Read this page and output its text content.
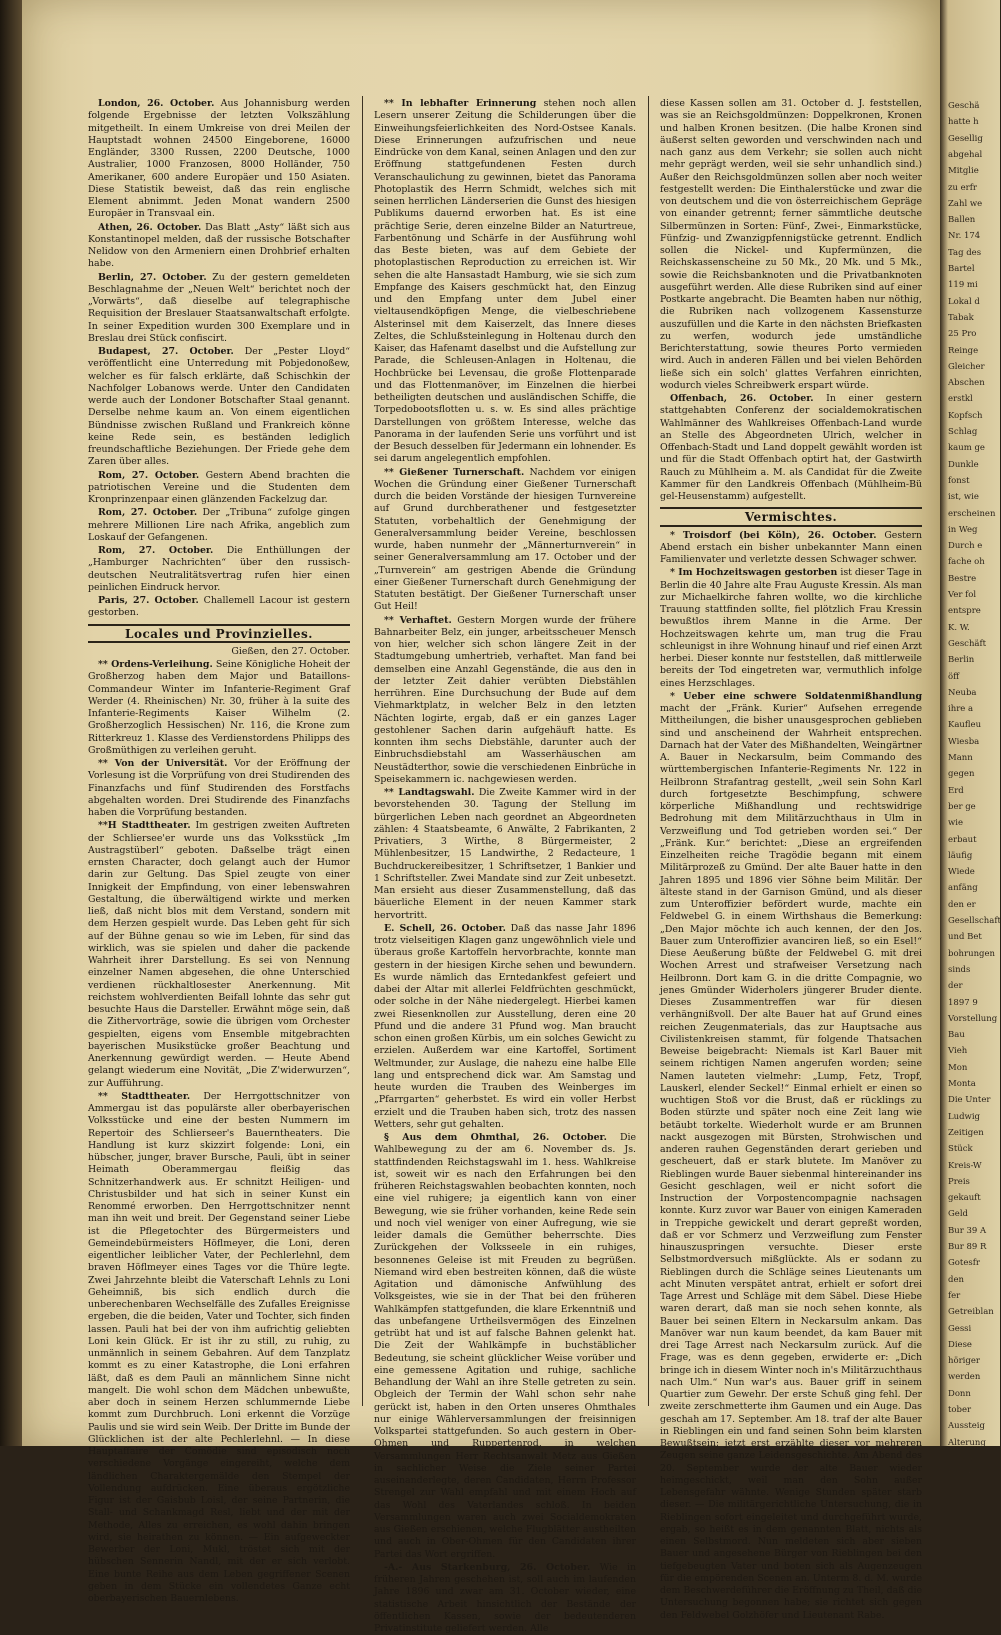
London, 26. October. Aus Johannisburg werden folgende Ergebnisse der letzten Volkszählung mitgetheilt. In einem Umkreise von drei Meilen der Hauptstadt wohnen 24500 Eingeborene, 16000 Engländer, 3300 Russen, 2200 Deutsche, 1000 Australier, 1000 Franzosen, 8000 Holländer, 750 Amerikaner, 600 andere Europäer und 150 Asiaten. Diese Statistik beweist, daß das rein englische Element abnimmt. Jeden Monat wandern 2500 Europäer in Transvaal ein.

Athen, 26. October. Das Blatt „Asty“ läßt sich aus Konstantinopel melden, daß der russische Botschafter Nelidow von den Armeniern einen Drohbrief erhalten habe.

Berlin, 27. October. Zu der gestern gemeldeten Beschlagnahme der „Neuen Welt“ berichtet noch der „Vorwärts“, daß dieselbe auf telegraphische Requisition der Breslauer Staatsanwaltschaft erfolgte. In seiner Expedition wurden 300 Exemplare und in Breslau drei Stück confiscirt.

Budapest, 27. October. Der „Pester Lloyd“ veröffentlicht eine Unterredung mit Pobjedonoßew, welcher es für falsch erklärte, daß Schischkin der Nachfolger Lobanows werde. Unter den Candidaten werde auch der Londoner Botschafter Staal genannt. Derselbe nehme kaum an. Von einem eigentlichen Bündnisse zwischen Rußland und Frankreich könne keine Rede sein, es beständen lediglich freundschaftliche Beziehungen. Der Friede gehe dem Zaren über alles.

Rom, 27. October. Gestern Abend brachten die patriotischen Vereine und die Studenten dem Kronprinzenpaar einen glänzenden Fackelzug dar.

Rom, 27. October. Der „Tribuna“ zufolge gingen mehrere Millionen Lire nach Afrika, angeblich zum Loskauf der Gefangenen.

Rom, 27. October. Die Enthüllungen der „Hamburger Nachrichten“ über den russisch-deutschen Neutralitätsvertrag rufen hier einen peinlichen Eindruck hervor.

Paris, 27. October. Challemell Lacour ist gestern gestorben.

Locales und Provinzielles.
Gießen, den 27. October.

** Ordens-Verleihung. Seine Königliche Hoheit der Großherzog haben dem Major und Bataillons-Commandeur Winter im Infanterie-Regiment Graf Werder (4. Rheinischen) Nr. 30, früher à la suite des Infanterie-Regiments Kaiser Wilhelm (2. Großherzoglich Hessischen) Nr. 116, die Krone zum Ritterkreuz 1. Klasse des Verdienstordens Philipps des Großmüthigen zu verleihen geruht.

** Von der Universität. Vor der Eröffnung der Vorlesung ist die Vorprüfung von drei Studirenden des Finanzfachs und fünf Studirenden des Forstfachs abgehalten worden. Drei Studirende des Finanzfachs haben die Vorprüfung bestanden.

**H Stadttheater. Im gestrigen zweiten Auftreten der Schliersee'er wurde uns das Volksstück „Im Austragstüberl“ geboten. Daßselbe trägt einen ernsten Character, doch gelangt auch der Humor darin zur Geltung. Das Spiel zeugte von einer Innigkeit der Empfindung, von einer lebenswahren Gestaltung, die überwältigend wirkte und merken ließ, daß nicht blos mit dem Verstand, sondern mit dem Herzen gespielt wurde. Das Leben geht für sich auf der Bühne genau so wie im Leben, für sind das wirklich, was sie spielen und daher die packende Wahrheit ihrer Darstellung. Es sei von Nennung einzelner Namen abgesehen, die ohne Unterschied verdienen rückhaltlosester Anerkennung. Mit reichstem wohlverdienten Beifall lohnte das sehr gut besuchte Haus die Darsteller. Erwähnt möge sein, daß die Zithervorträge, sowie die übrigen vom Orchester gespielten, eigens vom Ensemble mitgebrachten bayerischen Musikstücke großer Beachtung und Anerkennung gewürdigt werden. — Heute Abend gelangt wiederum eine Novität, „Die Z'widerwurzen“, zur Aufführung.

** Stadttheater. Der Herrgottschnitzer von Ammergau ist das populärste aller oberbayerischen Volksstücke und eine der besten Nummern im Repertoir des Schlierseer's Bauerntheaters. Die Handlung ist kurz skizzirt folgende: Loni, ein hübscher, junger, braver Bursche, Pauli, übt in seiner Heimath Oberammergau fleißig das Schnitzerhandwerk aus. Er schnitzt Heiligen- und Christusbilder und hat sich in seiner Kunst ein Renommé erworben. Den Herrgottschnitzer nennt man ihn weit und breit. Der Gegenstand seiner Liebe ist die Pflegetochter des Bürgermeisters und Gemeindebürmeisters Höflmeyer, die Loni, deren eigentlicher leiblicher Vater, der Pechlerlehnl, dem braven Höflmeyer eines Tages vor die Thüre legte. Zwei Jahrzehnte bleibt die Vaterschaft Lehnls zu Loni Geheimniß, bis sich endlich durch die unberechenbaren Wechselfälle des Zufalles Ereignisse ergeben, die die beiden, Vater und Tochter, sich finden lassen. Pauli hat bei der von ihm aufrichtig geliebten Loni kein Glück. Er ist ihr zu still, zu ruhig, zu unmännlich in seinem Gebahren. Auf dem Tanzplatz kommt es zu einer Katastrophe, die Loni erfahren läßt, daß es dem Pauli an männlichem Sinne nicht mangelt. Die wohl schon dem Mädchen unbewußte, aber doch in seinem Herzen schlummernde Liebe kommt zum Durchbruch. Loni erkennt die Vorzüge Paulis und sie wird sein Weib. Der Dritte im Bunde der Glücklichen ist der alte Pechlerlehnl. — In diese Hauptaffaire der Comödie sind episodisch noch verschiedene Vorgänge eingereiht, welche dem ländlichen Charaktergemälde den Stempel der Vollendung aufdrücken. Eine überaus ergötzliche Figur ist der Gaisbub Loisl, der seine Partnerin, die Stall- und Schankmagd Resl, liebt und der mit der Methode, Alles zu erreichen, es wohl dahin bringen wird, sie heirathen zu können. — Ein aufgeweckter Bewerber der Loni, Mukl, tröstet sich mit der hübschen Sennerin Nandl, mit der er sich verlobt. Eine bunte Reihe aus dem Leben gegriffener Scenen geben in dem Stücke ein vollendetes Ganze echt oberbayerischen Bauernlebens.

** In lebhafter Erinnerung stehen noch allen Lesern unserer Zeitung die Schilderungen über die Einweihungsfeierlichkeiten des Nord-Ostsee Kanals. Diese Erinnerungen aufzufrischen und neue Eindrücke von dem Kanal, seinen Anlagen und den zur Eröffnung stattgefundenen Festen durch Veranschaulichung zu gewinnen, bietet das Panorama Photoplastik des Herrn Schmidt, welches sich mit seinen herrlichen Länderserien die Gunst des hiesigen Publikums dauernd erworben hat. Es ist eine prächtige Serie, deren einzelne Bilder an Naturtreue, Farbentönung und Schärfe in der Ausführung wohl das Beste bieten, was auf dem Gebiete der photoplastischen Reproduction zu erreichen ist. Wir sehen die alte Hansastadt Hamburg, wie sie sich zum Empfange des Kaisers geschmückt hat, den Einzug und den Empfang unter dem Jubel einer vieltausendköpfigen Menge, die vielbeschriebene Alsterinsel mit dem Kaiserzelt, das Innere dieses Zeltes, die Schlußsteinlegung in Holtenau durch den Kaiser, das Hafenamt daselbst und die Aufstellung zur Parade, die Schleusen-Anlagen in Holtenau, die Hochbrücke bei Levensau, die große Flottenparade und das Flottenmanöver, im Einzelnen die hierbei betheiligten deutschen und ausländischen Schiffe, die Torpedobootsflotten u. s. w. Es sind alles prächtige Darstellungen von größtem Interesse, welche das Panorama in der laufenden Serie uns vorführt und ist der Besuch desselben für Jedermann ein lohnender. Es sei darum angelegentlich empfohlen.

** Gießener Turnerschaft. Nachdem vor einigen Wochen die Gründung einer Gießener Turnerschaft durch die beiden Vorstände der hiesigen Turnvereine auf Grund durchberathener und festgesetzter Statuten, vorbehaltlich der Genehmigung der Generalversammlung beider Vereine, beschlossen wurde, haben nunmehr der „Männerturnverein“ in seiner Generalversammlung am 17. October und der „Turnverein“ am gestrigen Abende die Gründung einer Gießener Turnerschaft durch Genehmigung der Statuten bestätigt. Der Gießener Turnerschaft unser Gut Heil!

** Verhaftet. Gestern Morgen wurde der frühere Bahnarbeiter Belz, ein junger, arbeitsscheuer Mensch von hier, welcher sich schon längere Zeit in der Stadtumgebung umhertrieb, verhaftet. Man fand bei demselben eine Anzahl Gegenstände, die aus den in der letzter Zeit dahier verübten Diebstählen herrühren. Eine Durchsuchung der Bude auf dem Viehmarktplatz, in welcher Belz in den letzten Nächten logirte, ergab, daß er ein ganzes Lager gestohlener Sachen darin aufgehäuft hatte. Es konnten ihm sechs Diebstähle, darunter auch der Einbruchsdiebstahl am Wasserhäuschen am Neustädterthor, sowie die verschiedenen Einbrüche in Speisekammern ic. nachgewiesen werden.

** Landtagswahl. Die Zweite Kammer wird in der bevorstehenden 30. Tagung der Stellung im bürgerlichen Leben nach geordnet an Abgeordneten zählen: 4 Staatsbeamte, 6 Anwälte, 2 Fabrikanten, 2 Privatiers, 3 Wirthe, 8 Bürgermeister, 2 Mühlenbesitzer, 15 Landwirthe, 2 Redacteure, 1 Buchdruckereibesitzer, 1 Schriftsetzer, 1 Bankier und 1 Schriftsteller. Zwei Mandate sind zur Zeit unbesetzt. Man ersieht aus dieser Zusammenstellung, daß das bäuerliche Element in der neuen Kammer stark hervortritt.

E. Schell, 26. October. Daß das nasse Jahr 1896 trotz vielseitigen Klagen ganz ungewöhnlich viele und überaus große Kartoffeln hervorbrachte, konnte man gestern in der hiesigen Kirche sehen und bewundern. Es wurde nämlich das Erntedankfest gefeiert und dabei der Altar mit allerlei Feldfrüchten geschmückt, oder solche in der Nähe niedergelegt. Hierbei kamen zwei Riesenknollen zur Ausstellung, deren eine 20 Pfund und die andere 31 Pfund wog. Man braucht schon einen großen Kürbis, um ein solches Gewicht zu erzielen. Außerdem war eine Kartoffel, Sortiment Weltmunder, zur Auslage, die nahezu eine halbe Elle lang und entsprechend dick war. Am Samstag und heute wurden die Trauben des Weinberges im „Pfarrgarten“ geherbstet. Es wird ein voller Herbst erzielt und die Trauben haben sich, trotz des nassen Wetters, sehr gut gehalten.

§ Aus dem Ohmthal, 26. October. Die Wahlbewegung zu der am 6. November ds. Js. stattfindenden Reichstagswahl im 1. hess. Wahlkreise ist, soweit wir es nach den Erfahrungen bei den früheren Reichstagswahlen beobachten konnten, noch eine viel ruhigere; ja eigentlich kann von einer Bewegung, wie sie früher vorhanden, keine Rede sein und noch viel weniger von einer Aufregung, wie sie leider damals die Gemüther beherrschte. Dies Zurückgehen der Volksseele in ein ruhiges, besonnenes Geleise ist mit Freuden zu begrüßen. Niemand wird eben bestreiten können, daß die wüste Agitation und dämonische Anfwühlung des Volksgeistes, wie sie in der That bei den früheren Wahlkämpfen stattgefunden, die klare Erkenntniß und das unbefangene Urtheilsvermögen des Einzelnen getrübt hat und ist auf falsche Bahnen gelenkt hat. Die Zeit der Wahlkämpfe in buchstäblicher Bedeutung, sie scheint glücklicher Weise vorüber und eine gemessene Agitation und ruhige, sachliche Behandlung der Wahl an ihre Stelle getreten zu sein. Obgleich der Termin der Wahl schon sehr nahe gerückt ist, haben in den Orten unseres Ohmthales nur einige Wählerversammlungen der freisinnigen Volkspartei stattgefunden. So auch gestern in Ober-Ohmen und Ruppertenrod, in welchen Versammlungen Herr Rechtsanwalt Metz aus Gießen in sachlicher Weise die Ziele seiner Partei auseinanderlegte, deren Candidaten, Herrn Professor Strengel zur Wahl empfahl und mit einem Hoch auf das Wohl des Vaterlandes schloß. In beiden Versammlungen waren auch zwei Socialdemokraten aus Gießen erschienen, welche Flugblätter austheilten und auch in Ober-Ohmen für den Candidaten ihrer Partei das Wort ergriffen.

-A.- Aus Starkenburg, 26. October. Wie in früheren Jahren geschehen ist, soll auch im laufenden Jahre 1896 und zwar am 31. October wieder, eine statistische Arbeit hinsichtlich der Bestände der öffentlichen Kassen, sowie der bedeutenderen Privatinstitute geliefert werden. Alle

diese Kassen sollen am 31. October d. J. feststellen, was sie an Reichsgoldmünzen: Doppelkronen, Kronen und halben Kronen besitzen. (Die halbe Kronen sind äußerst selten geworden und verschwinden nach und nach ganz aus dem Verkehr; sie sollen auch nicht mehr geprägt werden, weil sie sehr unhandlich sind.) Außer den Reichsgoldmünzen sollen aber noch weiter festgestellt werden: Die Einthalerstücke und zwar die von deutschem und die von österreichischem Gepräge von einander getrennt; ferner sämmtliche deutsche Silbermünzen in Sorten: Fünf-, Zwei-, Einmarkstücke, Fünfzig- und Zwanzigpfennigstücke getrennt. Endlich sollen die Nickel- und Kupfermünzen, die Reichskassenscheine zu 50 Mk., 20 Mk. und 5 Mk., sowie die Reichsbanknoten und die Privatbanknoten ausgeführt werden. Alle diese Rubriken sind auf einer Postkarte angebracht. Die Beamten haben nur nöthig, die Rubriken nach vollzogenem Kassensturze auszufüllen und die Karte in den nächsten Briefkasten zu werfen, wodurch jede umständliche Berichterstattung, sowie theures Porto vermieden wird. Auch in anderen Fällen und bei vielen Behörden ließe sich ein solch' glattes Verfahren einrichten, wodurch vieles Schreibwerk erspart würde.

Offenbach, 26. October. In einer gestern stattgehabten Conferenz der socialdemokratischen Wahlmänner des Wahlkreises Offenbach-Land wurde an Stelle des Abgeordneten Ulrich, welcher in Offenbach-Stadt und Land doppelt gewählt worden ist und für die Stadt Offenbach optirt hat, der Gastwirth Rauch zu Mühlheim a. M. als Candidat für die Zweite Kammer für den Landkreis Offenbach (Mühlheim-Bü gel-Heusenstamm) aufgestellt.

Vermischtes.

* Troisdorf (bei Köln), 26. October. Gestern Abend erstach ein bisher unbekannter Mann einen Familienvater und verletzte dessen Schwager schwer.

* Im Hochzeitswagen gestorben ist dieser Tage in Berlin die 40 Jahre alte Frau Auguste Kressin. Als man zur Michaelkirche fahren wollte, wo die kirchliche Trauung stattfinden sollte, fiel plötzlich Frau Kressin bewußtlos ihrem Manne in die Arme. Der Hochzeitswagen kehrte um, man trug die Frau schleunigst in ihre Wohnung hinauf und rief einen Arzt herbei. Dieser konnte nur feststellen, daß mittlerweile bereits der Tod eingetreten war, vermuthlich infolge eines Herzschlages.

* Ueber eine schwere Soldatenmißhandlung macht der „Fränk. Kurier“ Aufsehen erregende Mittheilungen, die bisher unausgesprochen geblieben sind und anscheinend der Wahrheit entsprechen. Darnach hat der Vater des Mißhandelten, Weingärtner A. Bauer in Neckarsulm, beim Commando des württembergischen Infanterie-Regiments Nr. 122 in Heilbronn Strafantrag gestellt, „weil sein Sohn Karl durch fortgesetzte Beschimpfung, schwere körperliche Mißhandlung und rechtswidrige Bedrohung mit dem Militärzuchthaus in Ulm in Verzweiflung und Tod getrieben worden sei.“ Der „Fränk. Kur.“ berichtet: „Diese an ergreifenden Einzelheiten reiche Tragödie begann mit einem Militärprozeß zu Gmünd. Der alte Bauer hatte in den Jahren 1895 und 1896 vier Söhne beim Militär. Der älteste stand in der Garnison Gmünd, und als dieser zum Unteroffizier befördert wurde, machte ein Feldwebel G. in einem Wirthshaus die Bemerkung: „Den Major möchte ich auch kennen, der den Jos. Bauer zum Unteroffizier avanciren ließ, so ein Esel!“ Diese Aeußerung büßte der Feldwebel G. mit drei Wochen Arrest und strafweiser Versetzung nach Heilbronn. Dort kam G. in die dritte Compagnie, wo jenes Gmünder Widerholers jüngerer Bruder diente. Dieses Zusammentreffen war für diesen verhängnißvoll. Der alte Bauer hat auf Grund eines reichen Zeugenmaterials, das zur Hauptsache aus Civilistenkreisen stammt, für folgende Thatsachen Beweise beigebracht: Niemals ist Karl Bauer mit seinem richtigen Namen angerufen worden; seine Namen lauteten vielmehr: „Lump, Fetz, Tropf, Lauskerl, elender Seckel!“ Einmal erhielt er einen so wuchtigen Stoß vor die Brust, daß er rücklings zu Boden stürzte und später noch eine Zeit lang wie betäubt torkelte. Wiederholt wurde er am Brunnen nackt ausgezogen mit Bürsten, Strohwischen und anderen rauhen Gegenständen derart gerieben und gescheuert, daß er stark blutete. Im Manöver zu Rieblingen wurde Bauer siebenmal hintereinander ins Gesicht geschlagen, weil er nicht sofort die Instruction der Vorpostencompagnie nachsagen konnte. Kurz zuvor war Bauer von einigen Kameraden in Treppiche gewickelt und derart gepreßt worden, daß er vor Schmerz und Verzweiflung zum Fenster hinauszuspringen versuchte. Dieser erste Selbstmordversuch mißglückte. Als er sodann zu Rieblingen durch die Schläge seines Lieutenants um acht Minuten verspätet antrat, erhielt er sofort drei Tage Arrest und Schläge mit dem Säbel. Diese Hiebe waren derart, daß man sie noch sehen konnte, als Bauer bei seinen Eltern in Neckarsulm ankam. Das Manöver war nun kaum beendet, da kam Bauer mit drei Tage Arrest nach Neckarsulm zurück. Auf die Frage, was es denn gegeben, erwiderte er: „Dich bringe ich in diesem Winter noch in's Militärzuchthaus nach Ulm.“ Nun war's aus. Bauer griff in seinem Quartier zum Gewehr. Der erste Schuß ging fehl. Der zweite zerschmetterte ihm Gaumen und ein Auge. Das geschah am 17. September. Am 18. traf der alte Bauer in Rieblingen ein und fand seinen Sohn beim klarsten Bewußtsein; jetzt erst erzählte dieser vor mehreren Zeugen seine ganze Leidensgeschichte. Am Abend des 20. September wurde der alte Bauer wieder heimgeschickt, weil man den Sohn außer Lebensgefahr wähnte. Wenige Stunden später starb dieser. — Die militärgerichtliche Untersuchung, die in Rieblingen sofort eingeleitet und durchgeführt wurde, ergab, so heißt es in dem genannten Blatt, nichts als einen Selbstmord. Nun meldeten sich aber sieben Bauer und angesehene Bürger von Rieblingen bei den tiefgebeugten Vater und boten sich als Augenzeugen für die empörenden Scenen an. Unterm 8. d. M. wurde dem Beschwerdeführer die Eröffnung zu Theil, daß die Untersuchung begonnen habe; sie richtet sich gegen den Feldwebel Golzhöfer und Lieutenant Rabe.

Geschä
hatte h
Gesellig
abgehal
Mitglie
zu erfr
Zahl we
Ballen
Nr. 174
Tag des
Bartel
119 mi
Lokal d
Tabak
25 Pro
Reinge
Gleicher
Abschen
erstkl
Kopfsch
Schlag
kaum ge
Dunkle
fonst
ist, wie
erscheinen
in Weg
Durch e
fache oh
Bestre
Ver fol
entspre
K. W.
Geschäft
Berlin
öff
Neuba
ihre a
Kaufleu
Wiesba
Mann
gegen
Erd
ber ge
wie
erbaut
läufig
Wiede
anfäng
den er
Gesellschaft
und Bet
bohrungen
sinds
der
1897 9
Vorstellung
Bau
Vieh
Mon
Monta
Die Unter
Ludwig
Zeitigen
Stück
Kreis-W
Preis
gekauft
Geld
Bur 39 A
Bur 89 R
Gotesfr
den
fer
Getreiblan
Gessi
Diese
höriger
werden
Donn
tober
Aussteig
Alterung
Versteig
Verpfle
